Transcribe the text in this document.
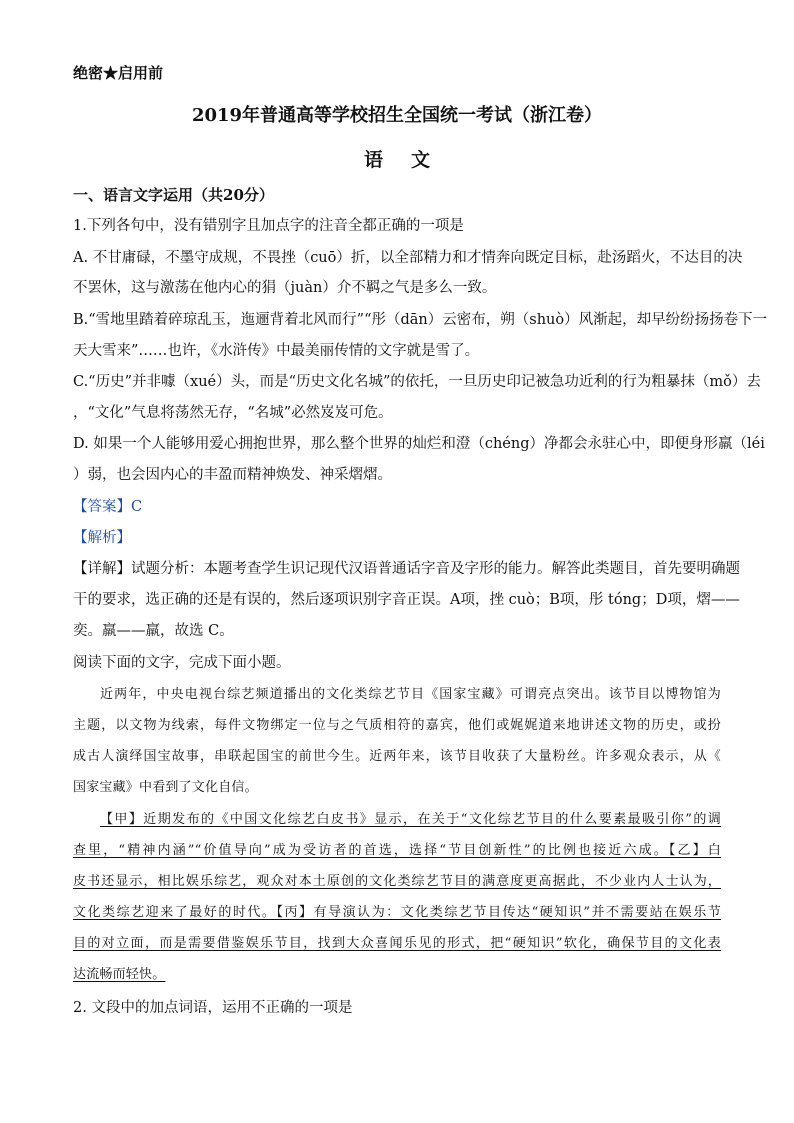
绝密★启用前
2019年普通高等学校招生全国统一考试（浙江卷）
语文
一、语言文字运用（共20分）
1.下列各句中，没有错别字且加点字的注音全都正确的一项是
A. 不甘庸碌，不墨守成规，不畏挫（cuō）折，以全部精力和才情奔向既定目标，赴汤蹈火，不达目的决
不罢休，这与激荡在他内心的狷（juàn）介不羁之气是多么一致。
B.“雪地里踏着碎琼乱玉，迤逦背着北风而行”“彤（dān）云密布，朔（shuò）风渐起，却早纷纷扬扬卷下一
天大雪来”……也许，《水浒传》中最美丽传情的文字就是雪了。
C.“历史”并非噱（xué）头，而是“历史文化名城”的依托，一旦历史印记被急功近利的行为粗暴抹（mǒ）去
，“文化”气息将荡然无存，“名城”必然岌岌可危。
D. 如果一个人能够用爱心拥抱世界，那么整个世界的灿烂和澄（chéng）净都会永驻心中，即便身形羸（léi
）弱，也会因内心的丰盈而精神焕发、神采熠熠。
【答案】C
【解析】
【详解】试题分析：本题考查学生识记现代汉语普通话字音及字形的能力。解答此类题目，首先要明确题
干的要求，选正确的还是有误的，然后逐项识别字音正误。A项，挫 cuò；B项，彤 tóng；D项，熠——
奕。羸——羸，故选 C。
阅读下面的文字，完成下面小题。
近两年，中央电视台综艺频道播出的文化类综艺节目《国家宝藏》可谓亮点突出。该节目以博物馆为
主题，以文物为线索，每件文物绑定一位与之气质相符的嘉宾，他们或娓娓道来地讲述文物的历史，或扮
成古人演绎国宝故事，串联起国宝的前世今生。近两年来，该节目收获了大量粉丝。许多观众表示，从《
国家宝藏》中看到了文化自信。
【甲】近期发布的《中国文化综艺白皮书》显示，在关于“文化综艺节目的什么要素最吸引你”的调
查里，“精神内涵”“价值导向”成为受访者的首选，选择“节目创新性”的比例也接近六成。【乙】白
皮书还显示，相比娱乐综艺，观众对本土原创的文化类综艺节目的满意度更高据此，不少业内人士认为，
文化类综艺迎来了最好的时代。【丙】有导演认为：文化类综艺节目传达“硬知识”并不需要站在娱乐节
目的对立面，而是需要借鉴娱乐节目，找到大众喜闻乐见的形式，把“硬知识”软化，确保节目的文化表
达流畅而轻快。
2. 文段中的加点词语，运用不正确的一项是
